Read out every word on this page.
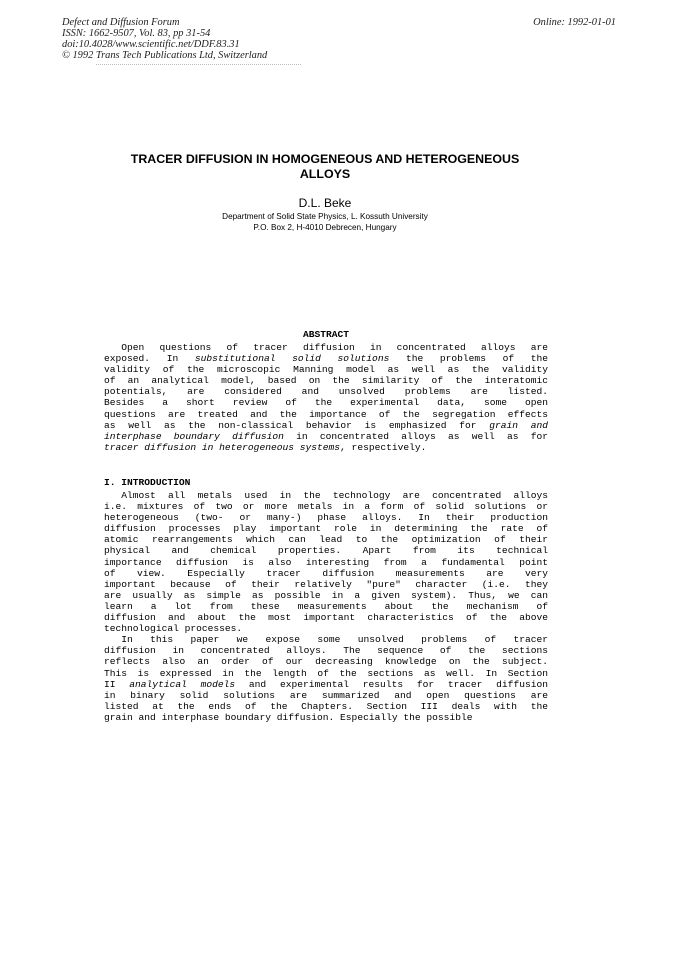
Defect and Diffusion Forum
ISSN: 1662-9507, Vol. 83, pp 31-54
doi:10.4028/www.scientific.net/DDF.83.31
© 1992 Trans Tech Publications Ltd, Switzerland
Online: 1992-01-01
TRACER DIFFUSION IN HOMOGENEOUS AND HETEROGENEOUS
ALLOYS
D.L. Beke
Department of Solid State Physics, L. Kossuth University
P.O. Box 2, H-4010 Debrecen, Hungary
ABSTRACT
Open questions of tracer diffusion in concentrated alloys are
exposed. In substitutional solid solutions the problems of the
validity of the microscopic Manning model as well as the validity
of an analytical model, based on the similarity of the interatomic
potentials, are considered and unsolved problems are listed.
Besides a short review of the experimental data, some open
questions are treated and the importance of the segregation effects
as well as the non-classical behavior is emphasized for grain and
interphase boundary diffusion in concentrated alloys as well as for
tracer diffusion in heterogeneous systems, respectively.
I. INTRODUCTION
Almost all metals used in the technology are concentrated alloys
i.e. mixtures of two or more metals in a form of solid solutions or
heterogeneous (two- or many-) phase alloys. In their production
diffusion processes play important role in determining the rate of
atomic rearrangements which can lead to the optimization of their
physical and chemical properties. Apart from its technical
importance diffusion is also interesting from a fundamental point
of view. Especially tracer diffusion measurements are very
important because of their relatively "pure" character (i.e. they
are usually as simple as possible in a given system). Thus, we can
learn a lot from these measurements about the mechanism of
diffusion and about the most important characteristics of the above
technological processes.
In this paper we expose some unsolved problems of tracer
diffusion in concentrated alloys. The sequence of the sections
reflects also an order of our decreasing knowledge on the subject.
This is expressed in the length of the sections as well. In Section
II analytical models and experimental results for tracer diffusion
in binary solid solutions are summarized and open questions are
listed at the ends of the Chapters. Section III deals with the
grain and interphase boundary diffusion. Especially the possible
